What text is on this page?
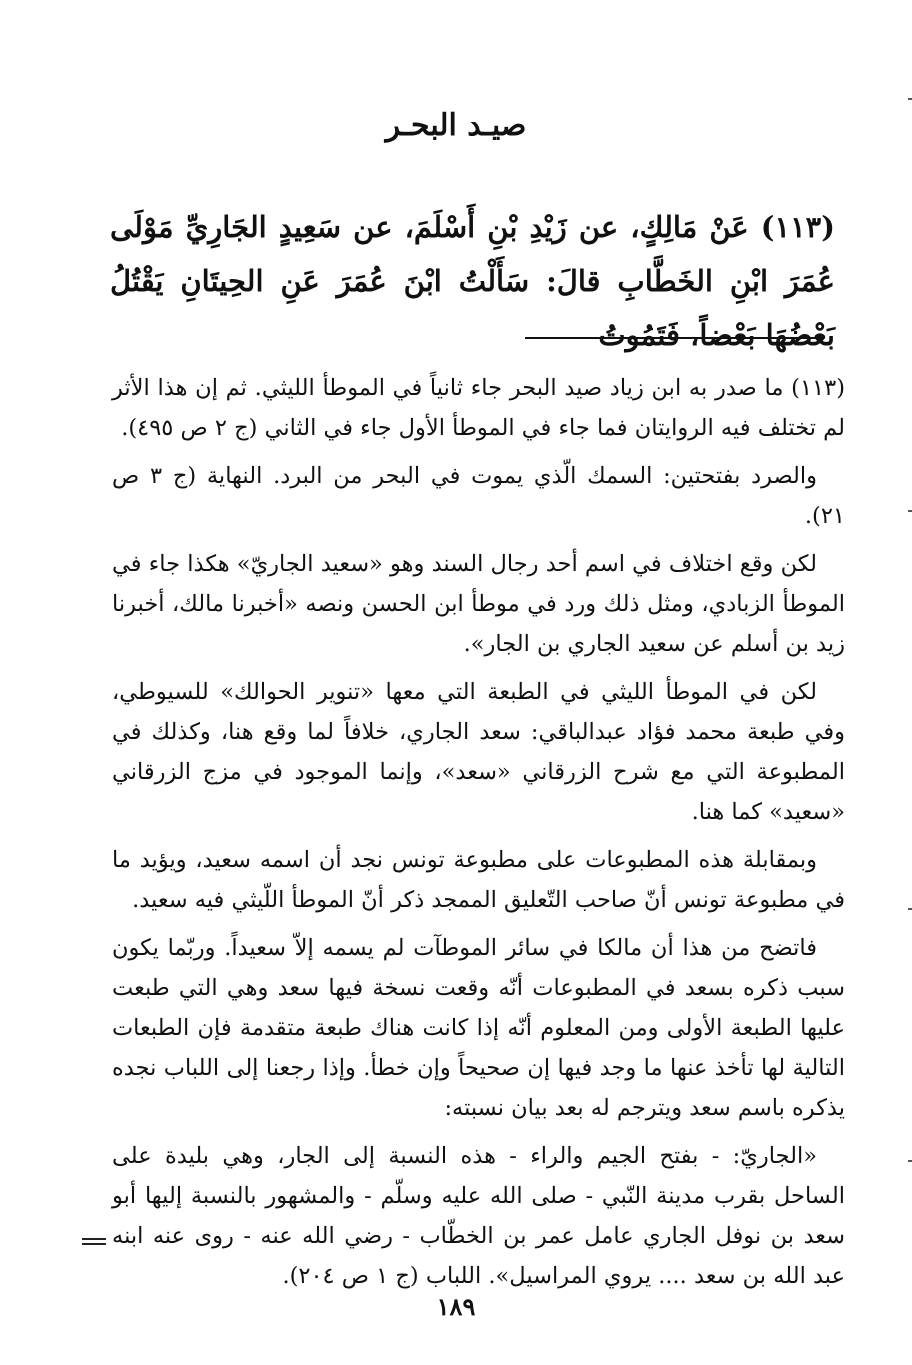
صيـد البحـر
(١١٣) عَنْ مَالِكٍ، عن زَيْدِ بْنِ أَسْلَمَ، عن سَعِيدٍ الجَارِيِّ مَوْلَى عُمَرَ ابْنِ الخَطَّابِ قالَ: سَأَلْتُ ابْنَ عُمَرَ عَنِ الحِيتَانِ يَقْتُلُ بَعْضُهَا بَعْضاً، فَتَمُوتُ

(١١٣) ما صدر به ابن زياد صيد البحر جاء ثانياً في الموطأ الليثي. ثم إن هذا الأثر لم تختلف فيه الروايتان فما جاء في الموطأ الأول جاء في الثاني (ج ٢ ص ٤٩٥).

والصرد بفتحتين: السمك الّذي يموت في البحر من البرد. النهاية (ج ٣ ص ٢١).

لكن وقع اختلاف في اسم أحد رجال السند وهو «سعيد الجاريّ» هكذا جاء في الموطأ الزبادي، ومثل ذلك ورد في موطأ ابن الحسن ونصه «أخبرنا مالك، أخبرنا زيد بن أسلم عن سعيد الجاري بن الجار».

لكن في الموطأ الليثي في الطبعة التي معها «تنوير الحوالك» للسيوطي، وفي طبعة محمد فؤاد عبدالباقي: سعد الجاري، خلافاً لما وقع هنا، وكذلك في المطبوعة التي مع شرح الزرقاني «سعد»، وإنما الموجود في مزج الزرقاني «سعيد» كما هنا.

وبمقابلة هذه المطبوعات على مطبوعة تونس نجد أن اسمه سعيد، ويؤيد ما في مطبوعة تونس أنّ صاحب التّعليق الممجد ذكر أنّ الموطأ اللّيثي فيه سعيد.

فاتضح من هذا أن مالكا في سائر الموطآت لم يسمه إلاّ سعيداً. وربّما يكون سبب ذكره بسعد في المطبوعات أنّه وقعت نسخة فيها سعد وهي التي طبعت عليها الطبعة الأولى ومن المعلوم أنّه إذا كانت هناك طبعة متقدمة فإن الطبعات التالية لها تأخذ عنها ما وجد فيها إن صحيحاً وإن خطأ. وإذا رجعنا إلى اللباب نجده يذكره باسم سعد ويترجم له بعد بيان نسبته:

«الجاريّ: - بفتح الجيم والراء - هذه النسبة إلى الجار، وهي بليدة على الساحل بقرب مدينة النّبي - صلى الله عليه وسلّم - والمشهور بالنسبة إليها أبو سعد بن نوفل الجاري عامل عمر بن الخطّاب - رضي الله عنه - روى عنه ابنه عبد الله بن سعد .... يروي المراسيل». اللباب (ج ١ ص ٢٠٤).

١٨٩
